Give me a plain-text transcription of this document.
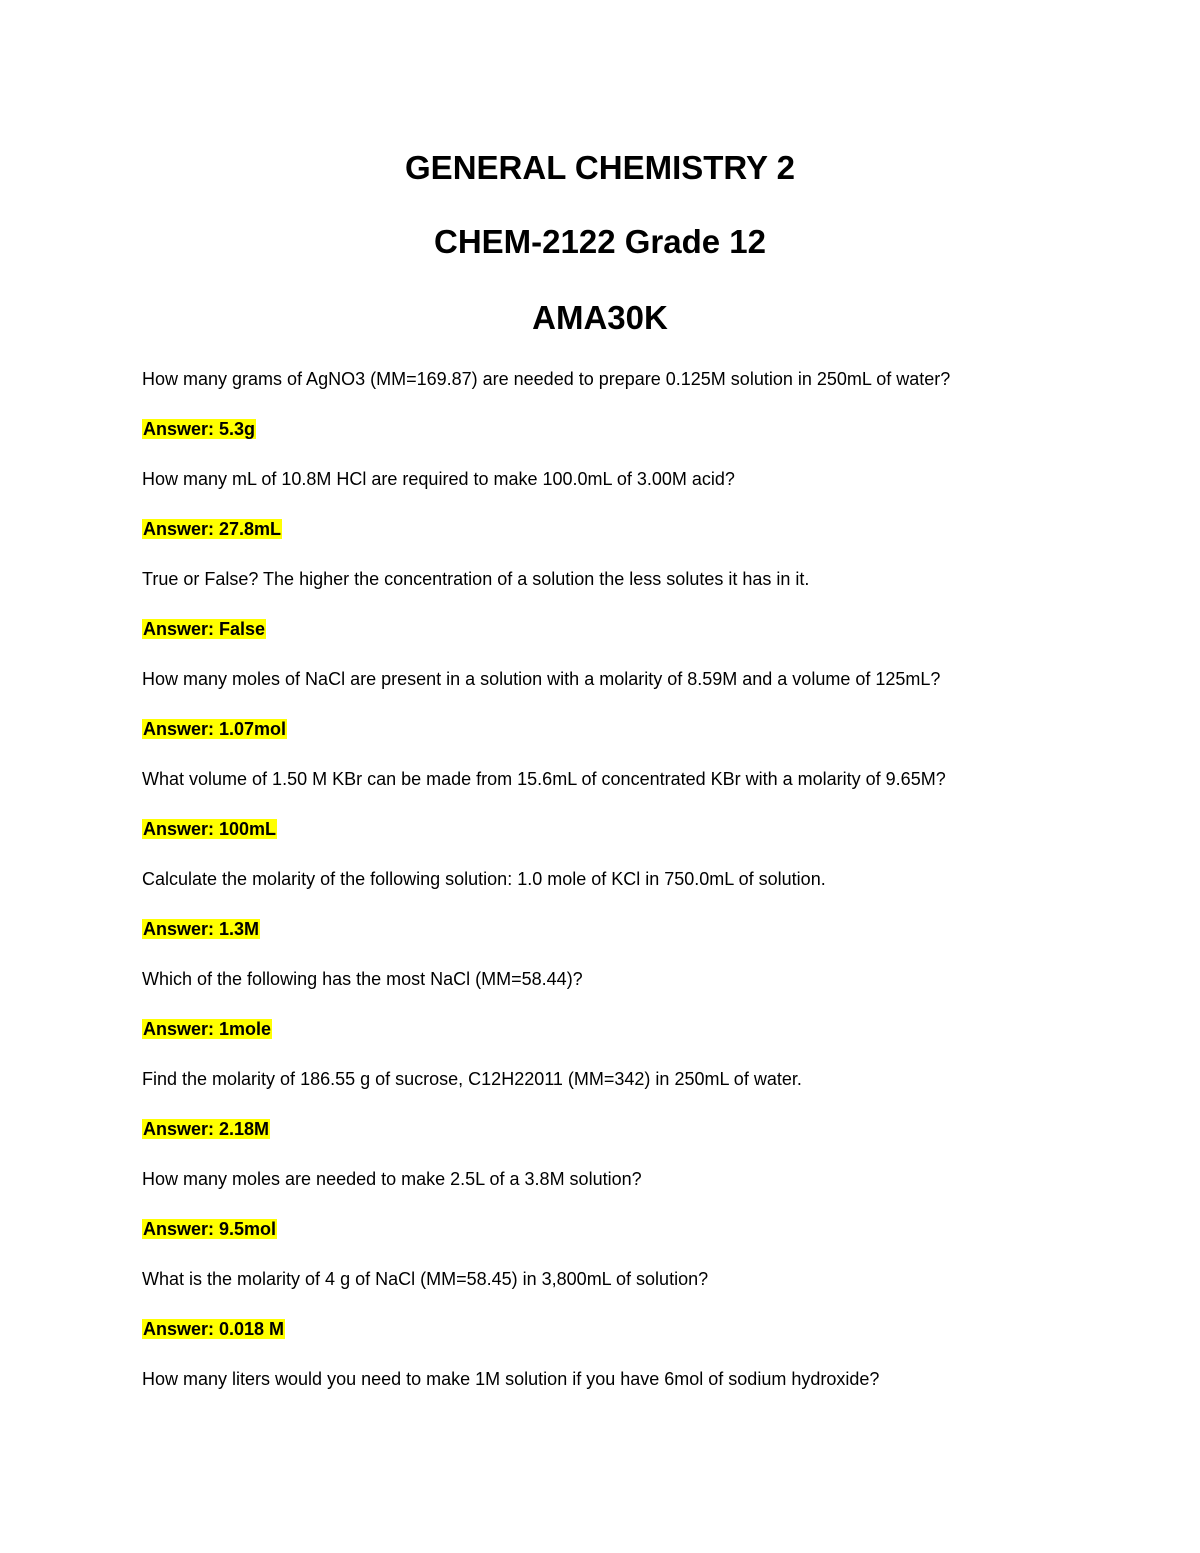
GENERAL CHEMISTRY 2
CHEM-2122 Grade 12
AMA30K

How many grams of AgNO3 (MM=169.87) are needed to prepare 0.125M solution in 250mL of water?

Answer: 5.3g

How many mL of 10.8M HCl are required to make 100.0mL of 3.00M acid?

Answer: 27.8mL

True or False? The higher the concentration of a solution the less solutes it has in it.

Answer: False

How many moles of NaCl are present in a solution with a molarity of 8.59M and a volume of 125mL?

Answer: 1.07mol

What volume of 1.50 M KBr can be made from 15.6mL of concentrated KBr with a molarity of 9.65M?

Answer: 100mL

Calculate the molarity of the following solution: 1.0 mole of KCl in 750.0mL of solution.

Answer: 1.3M

Which of the following has the most NaCl (MM=58.44)?

Answer: 1mole

Find the molarity of 186.55 g of sucrose, C12H22011 (MM=342) in 250mL of water.

Answer: 2.18M

How many moles are needed to make 2.5L of a 3.8M solution?

Answer: 9.5mol

What is the molarity of 4 g of NaCl (MM=58.45) in 3,800mL of solution?

Answer: 0.018 M

How many liters would you need to make 1M solution if you have 6mol of sodium hydroxide?
